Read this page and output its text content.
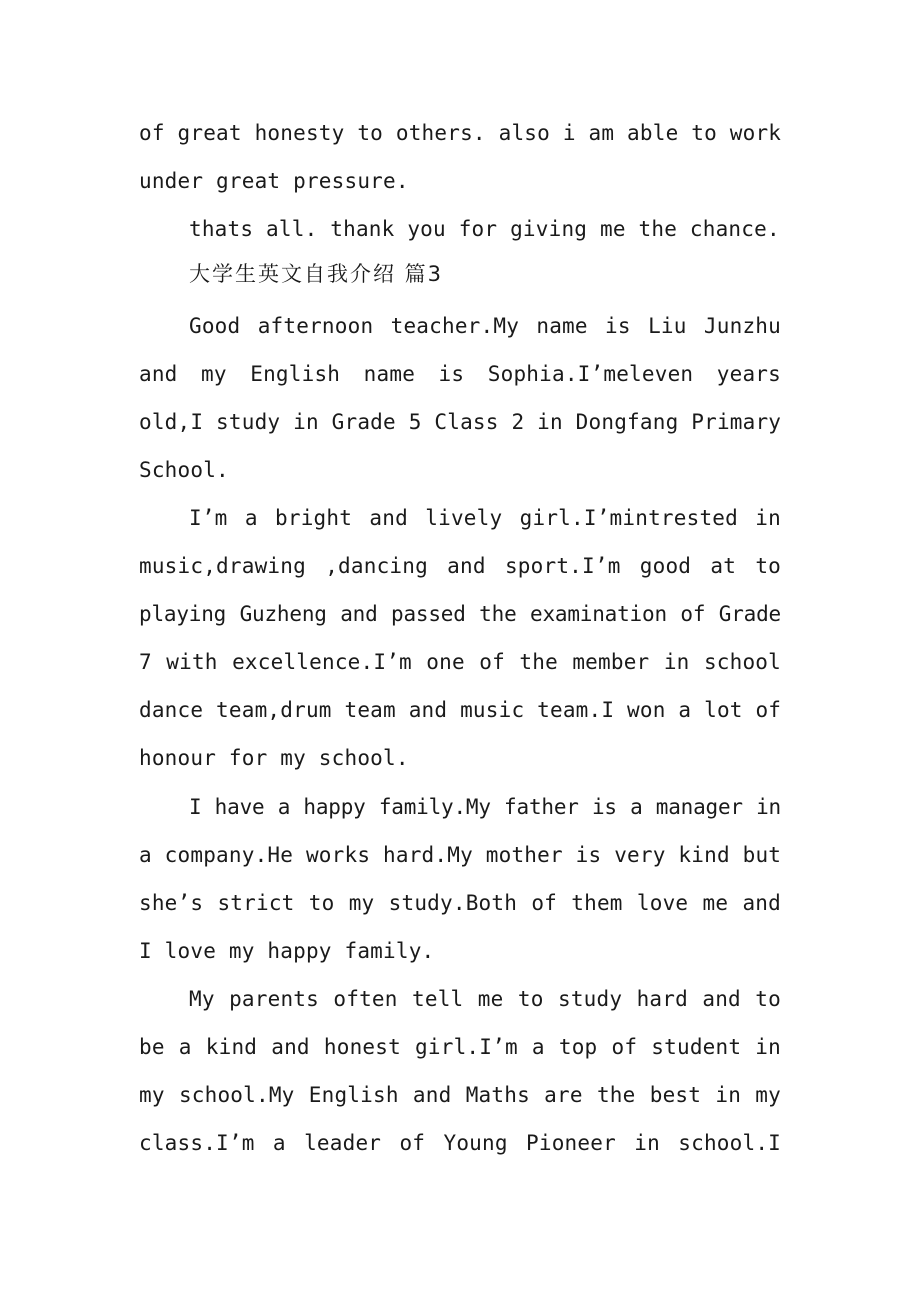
of great honesty to others. also i am able to work
under great pressure.
thats all. thank you for giving me the chance.
大学生英文自我介绍 篇3
Good afternoon teacher.My name is Liu Junzhu
and my English name is Sophia.I’meleven years
old,I study in Grade 5 Class 2 in Dongfang Primary
School.
I’m a bright and lively girl.I’mintrested in
music,drawing ,dancing and sport.I’m good at to
playing Guzheng and passed the examination of Grade
7 with excellence.I’m one of the member in school
dance team,drum team and music team.I won a lot of
honour for my school.
I have a happy family.My father is a manager in
a company.He works hard.My mother is very kind but
she’s strict to my study.Both of them love me and
I love my happy family.
My parents often tell me to study hard and to
be a kind and honest girl.I’m a top of student in
my school.My English and Maths are the best in my
class.I’m a leader of Young Pioneer in school.I
